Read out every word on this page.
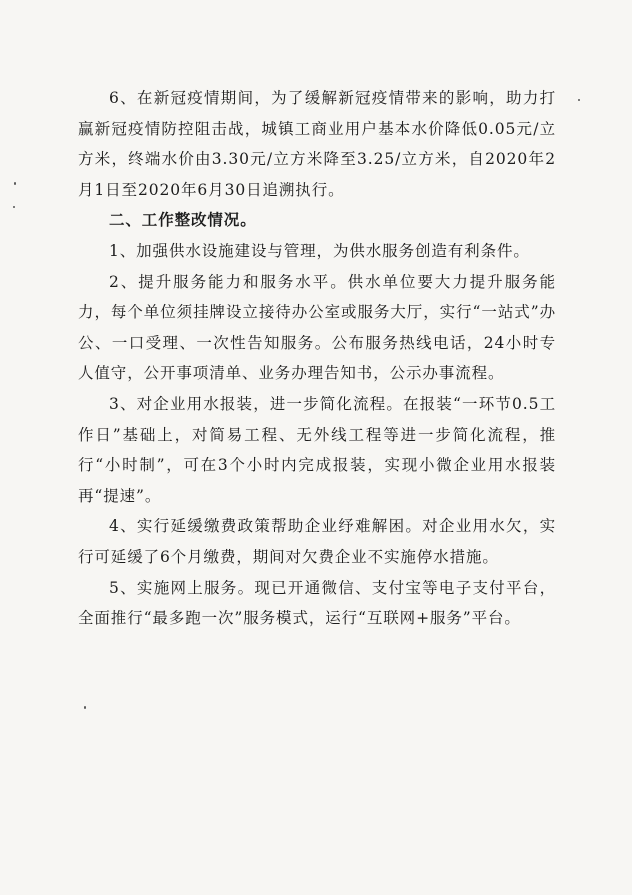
6、在新冠疫情期间，为了缓解新冠疫情带来的影响，助力打赢新冠疫情防控阻击战，城镇工商业用户基本水价降低0.05元/立方米，终端水价由3.30元/立方米降至3.25/立方米，自2020年2月1日至2020年6月30日追溯执行。

二、工作整改情况。

1、加强供水设施建设与管理，为供水服务创造有利条件。

2、提升服务能力和服务水平。供水单位要大力提升服务能力，每个单位须挂牌设立接待办公室或服务大厅，实行“一站式”办公、一口受理、一次性告知服务。公布服务热线电话，24小时专人值守，公开事项清单、业务办理告知书，公示办事流程。

3、对企业用水报装，进一步简化流程。在报装“一环节0.5工作日”基础上，对简易工程、无外线工程等进一步简化流程，推行“小时制”，可在3个小时内完成报装，实现小微企业用水报装再“提速”。

4、实行延缓缴费政策帮助企业纾难解困。对企业用水欠，实行可延缓了6个月缴费，期间对欠费企业不实施停水措施。

5、实施网上服务。现已开通微信、支付宝等电子支付平台，全面推行“最多跑一次”服务模式，运行“互联网+服务”平台。
